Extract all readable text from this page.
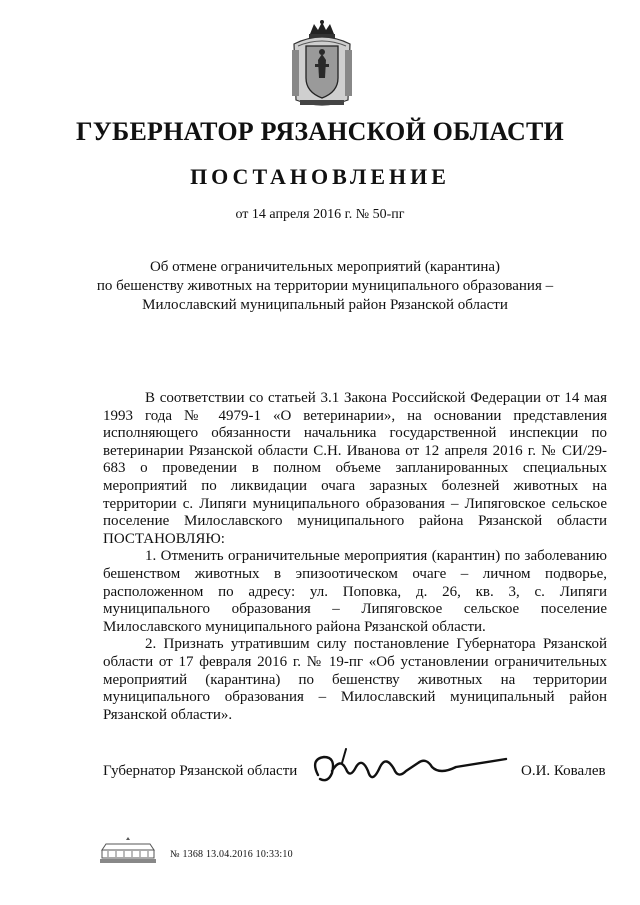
ГУБЕРНАТОР РЯЗАНСКОЙ ОБЛАСТИ
ПОСТАНОВЛЕНИЕ
от 14 апреля 2016 г. № 50-пг
Об отмене ограничительных мероприятий (карантина)
по бешенству животных на территории муниципального образования –
Милославский муниципальный район Рязанской области

В соответствии со статьей 3.1 Закона Российской Федерации от 14 мая 1993 года № 4979-1 «О ветеринарии», на основании представления исполняющего обязанности начальника государственной инспекции по ветеринарии Рязанской области С.Н. Иванова от 12 апреля 2016 г. № СИ/29-683 о проведении в полном объеме запланированных специальных мероприятий по ликвидации очага заразных болезней животных на территории с. Липяги муниципального образования – Липяговское сельское поселение Милославского муниципального района Рязанской области ПОСТАНОВЛЯЮ:

1. Отменить ограничительные мероприятия (карантин) по заболеванию бешенством животных в эпизоотическом очаге – личном подворье, расположенном по адресу: ул. Поповка, д. 26, кв. 3, с. Липяги муниципального образования – Липяговское сельское поселение Милославского муниципального района Рязанской области.

2. Признать утратившим силу постановление Губернатора Рязанской области от 17 февраля 2016 г. № 19-пг «Об установлении ограничительных мероприятий (карантина) по бешенству животных на территории муниципального образования – Милославский муниципальный район Рязанской области».

Губернатор Рязанской области	О.И. Ковалев
№ 1368 13.04.2016 10:33:10
